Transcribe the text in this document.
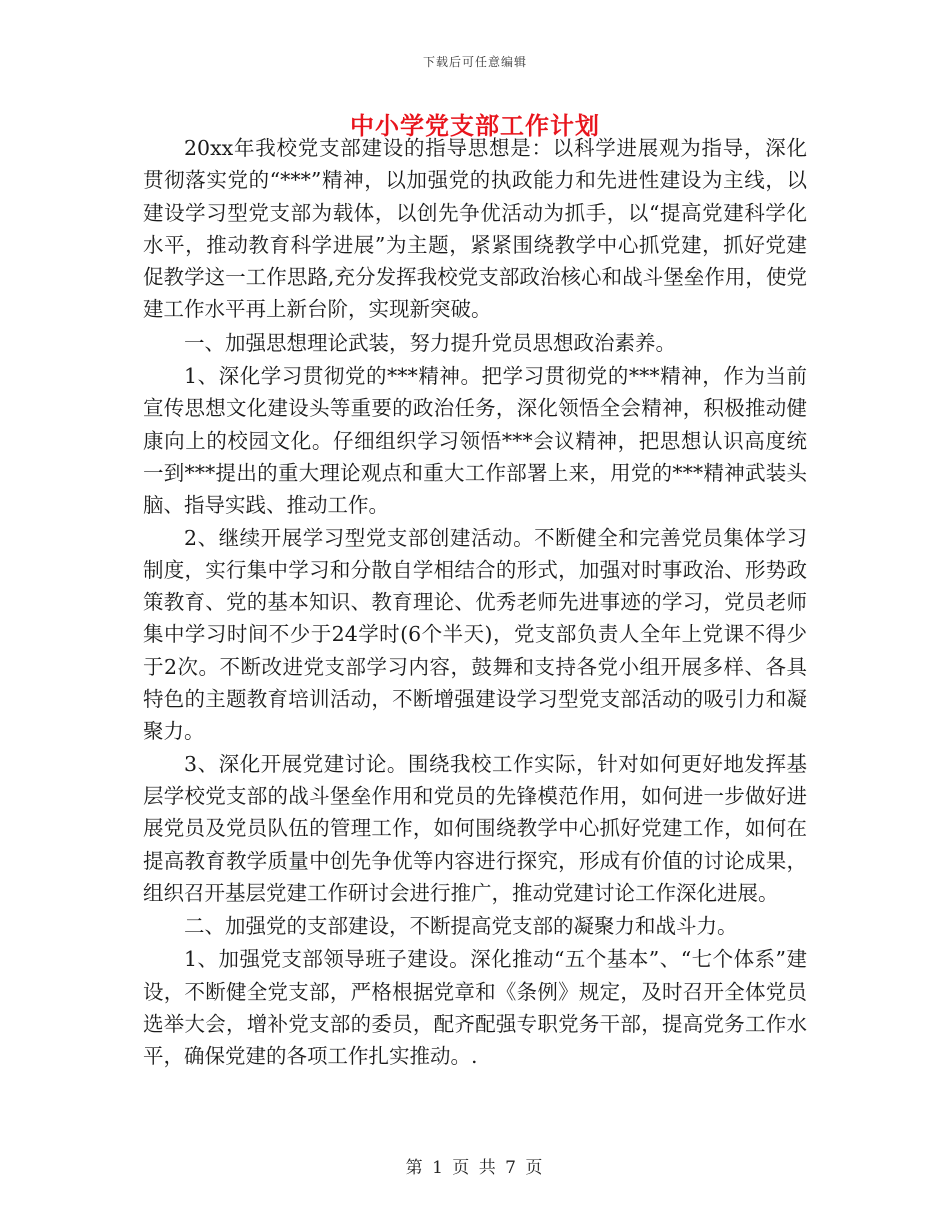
下载后可任意编辑
中小学党支部工作计划

20xx年我校党支部建设的指导思想是：以科学进展观为指导，深化贯彻落实党的“***”精神，以加强党的执政能力和先进性建设为主线，以建设学习型党支部为载体，以创先争优活动为抓手，以“提高党建科学化水平，推动教育科学进展”为主题，紧紧围绕教学中心抓党建，抓好党建促教学这一工作思路,充分发挥我校党支部政治核心和战斗堡垒作用，使党建工作水平再上新台阶，实现新突破。

一、加强思想理论武装，努力提升党员思想政治素养。

1、深化学习贯彻党的***精神。把学习贯彻党的***精神，作为当前宣传思想文化建设头等重要的政治任务，深化领悟全会精神，积极推动健康向上的校园文化。仔细组织学习领悟***会议精神，把思想认识高度统一到***提出的重大理论观点和重大工作部署上来，用党的***精神武装头脑、指导实践、推动工作。

2、继续开展学习型党支部创建活动。不断健全和完善党员集体学习制度，实行集中学习和分散自学相结合的形式，加强对时事政治、形势政策教育、党的基本知识、教育理论、优秀老师先进事迹的学习，党员老师集中学习时间不少于24学时(6个半天)，党支部负责人全年上党课不得少于2次。不断改进党支部学习内容，鼓舞和支持各党小组开展多样、各具特色的主题教育培训活动，不断增强建设学习型党支部活动的吸引力和凝聚力。

3、深化开展党建讨论。围绕我校工作实际，针对如何更好地发挥基层学校党支部的战斗堡垒作用和党员的先锋模范作用，如何进一步做好进展党员及党员队伍的管理工作，如何围绕教学中心抓好党建工作，如何在提高教育教学质量中创先争优等内容进行探究，形成有价值的讨论成果，组织召开基层党建工作研讨会进行推广，推动党建讨论工作深化进展。

二、加强党的支部建设，不断提高党支部的凝聚力和战斗力。

1、加强党支部领导班子建设。深化推动“五个基本”、“七个体系”建设，不断健全党支部，严格根据党章和《条例》规定，及时召开全体党员选举大会，增补党支部的委员，配齐配强专职党务干部，提高党务工作水平，确保党建的各项工作扎实推动。.

第 1 页 共 7 页
